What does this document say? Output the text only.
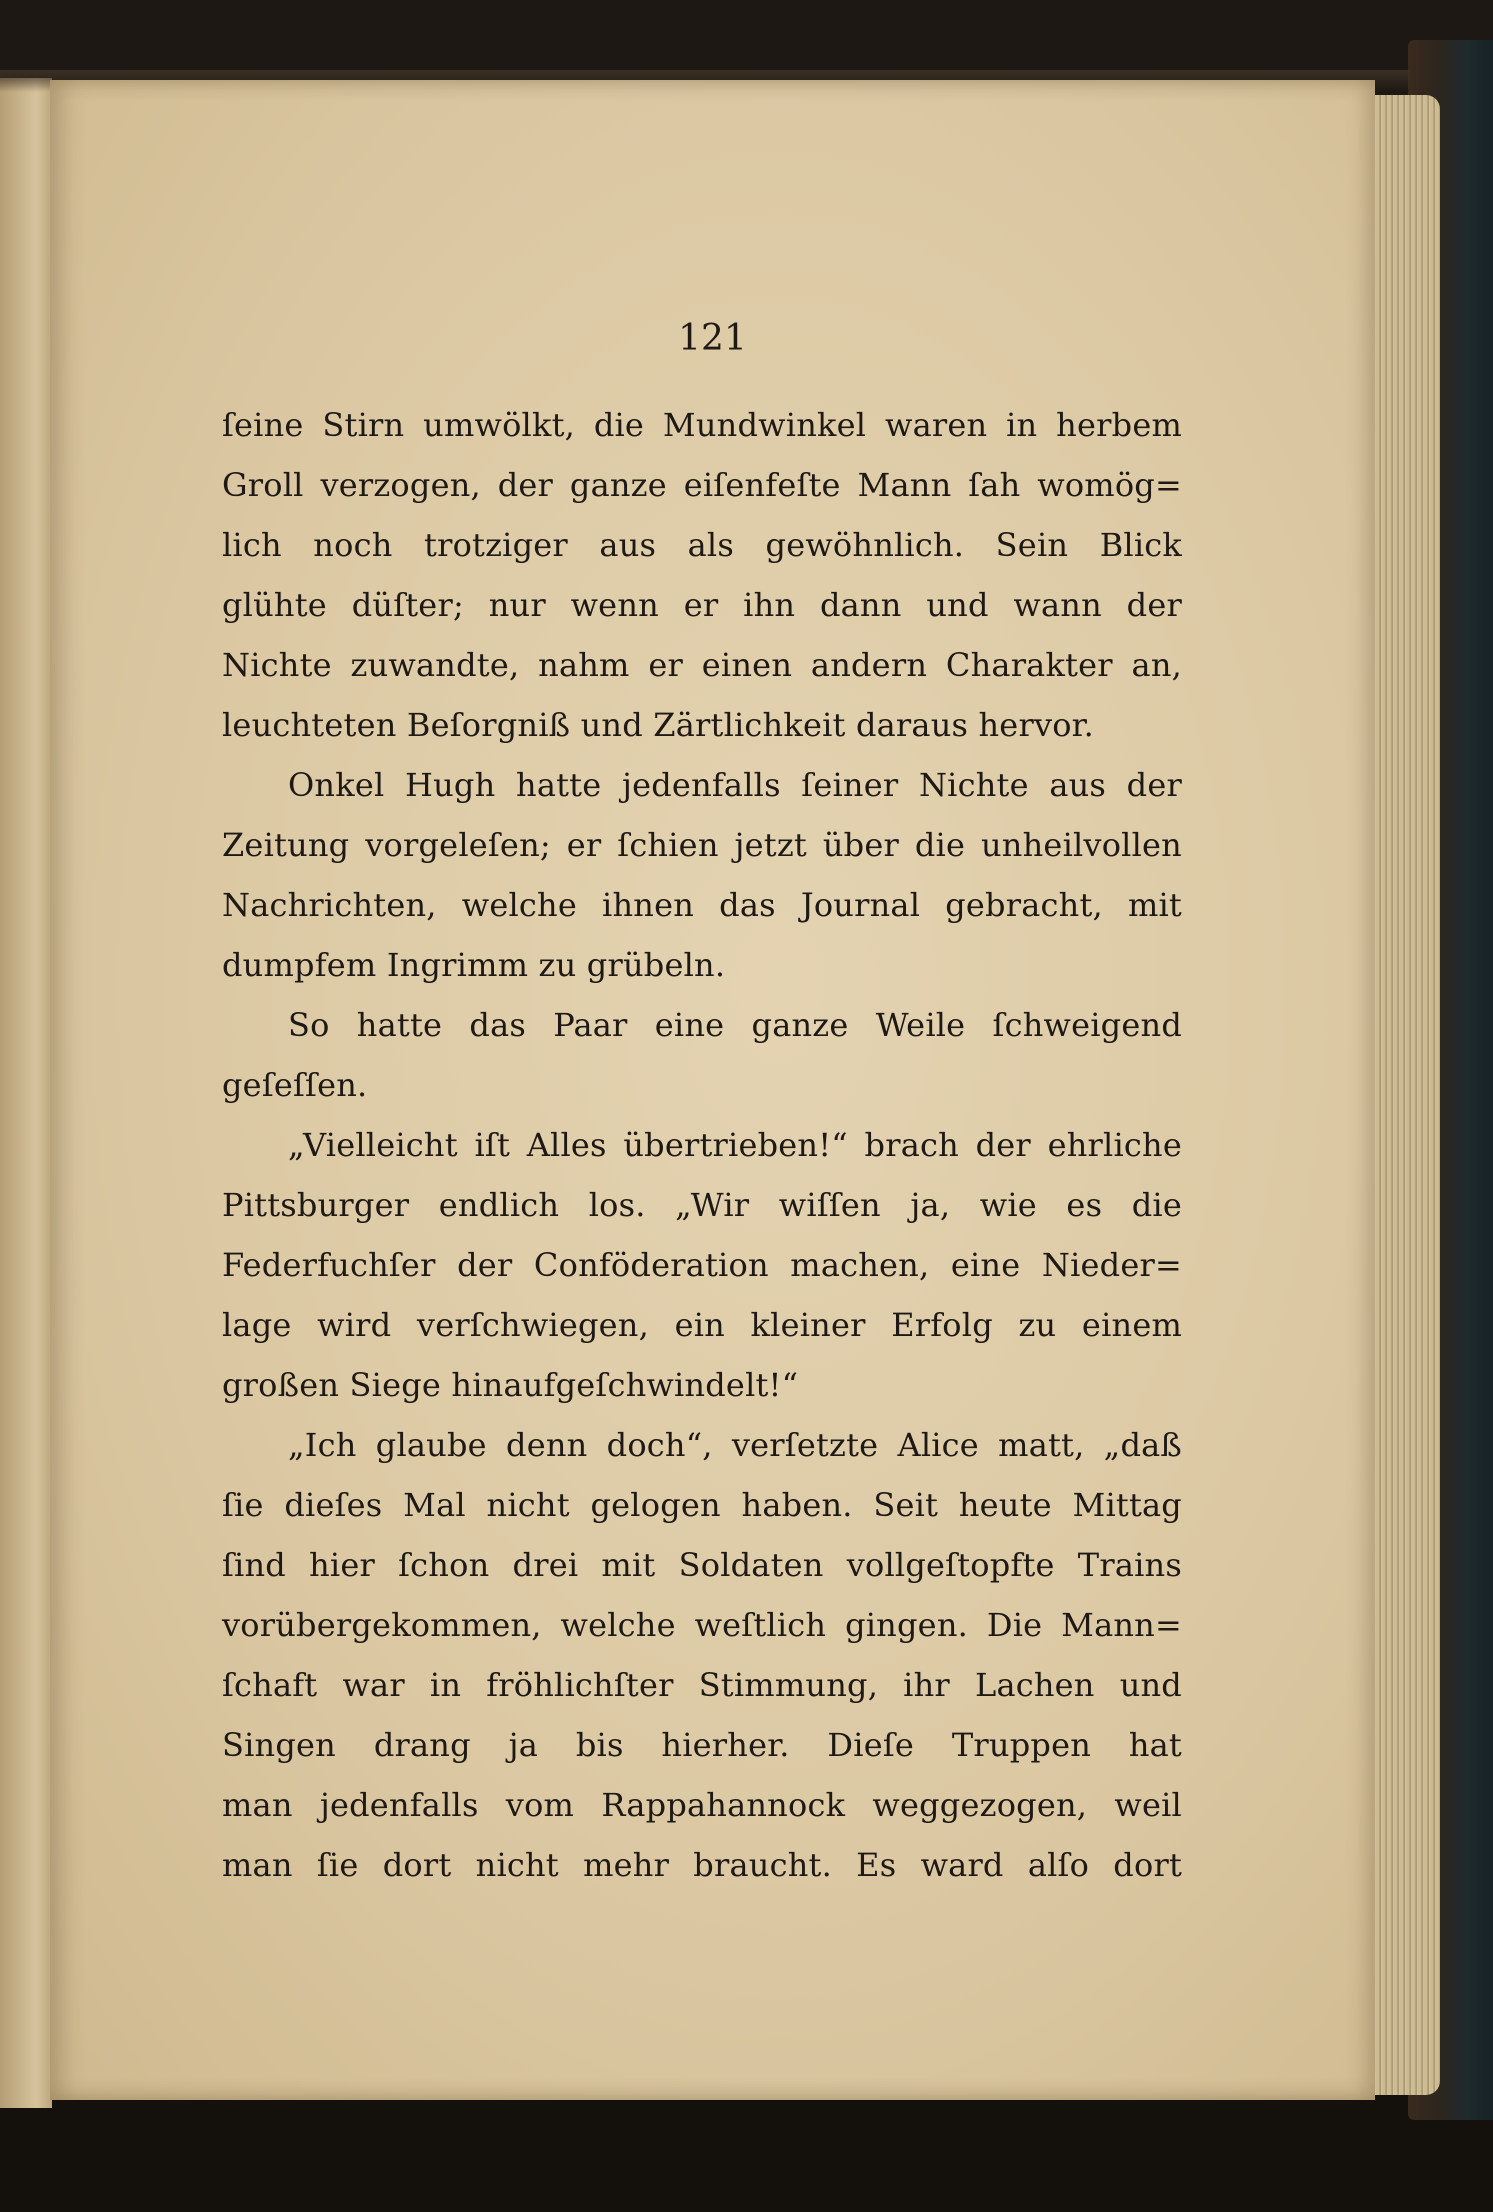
121

ſeine Stirn umwölkt, die Mundwinkel waren in herbem
Groll verzogen, der ganze eiſenfeſte Mann ſah womög=
lich noch trotziger aus als gewöhnlich. Sein Blick
glühte düſter; nur wenn er ihn dann und wann der
Nichte zuwandte, nahm er einen andern Charakter an,
leuchteten Beſorgniß und Zärtlichkeit daraus hervor.
Onkel Hugh hatte jedenfalls ſeiner Nichte aus der
Zeitung vorgeleſen; er ſchien jetzt über die unheilvollen
Nachrichten, welche ihnen das Journal gebracht, mit
dumpfem Ingrimm zu grübeln.
So hatte das Paar eine ganze Weile ſchweigend
geſeſſen.
„Vielleicht iſt Alles übertrieben!“ brach der ehrliche
Pittsburger endlich los. „Wir wiſſen ja, wie es die
Federfuchſer der Conföderation machen, eine Nieder=
lage wird verſchwiegen, ein kleiner Erfolg zu einem
großen Siege hinaufgeſchwindelt!“
„Ich glaube denn doch“, verſetzte Alice matt, „daß
ſie dieſes Mal nicht gelogen haben. Seit heute Mittag
ſind hier ſchon drei mit Soldaten vollgeſtopfte Trains
vorübergekommen, welche weſtlich gingen. Die Mann=
ſchaft war in fröhlichſter Stimmung, ihr Lachen und
Singen drang ja bis hierher. Dieſe Truppen hat
man jedenfalls vom Rappahannock weggezogen, weil
man ſie dort nicht mehr braucht. Es ward alſo dort
